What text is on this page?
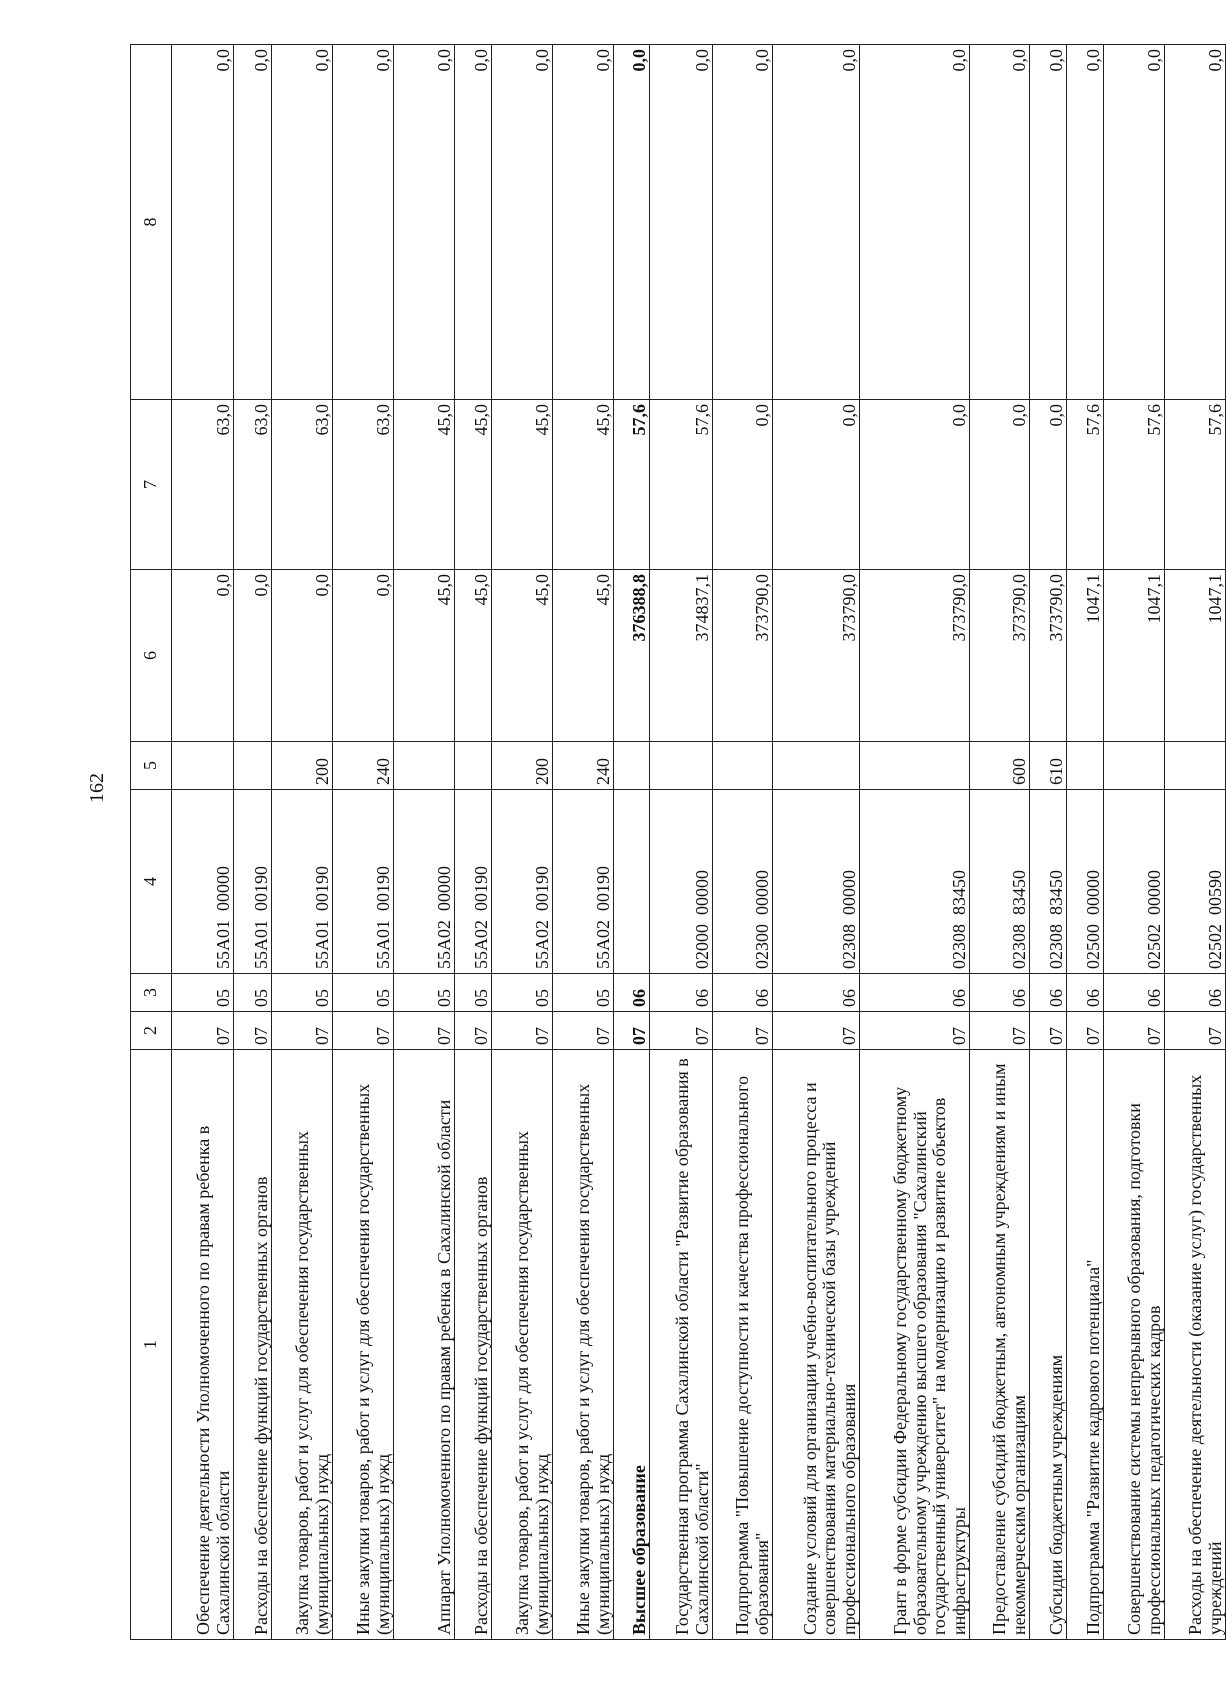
162
1	2	3	4	5	6	7	8
Обеспечение деятельности Уполномоченного по правам ребенка в Сахалинской области	07	05	55А01  00000		0,0	63,0	0,0
Расходы на обеспечение функций государственных органов	07	05	55А01  00190		0,0	63,0	0,0
Закупка товаров, работ и услуг для обеспечения государственных (муниципальных) нужд	07	05	55А01  00190	200	0,0	63,0	0,0
Иные закупки товаров, работ и услуг для обеспечения государственных (муниципальных) нужд	07	05	55А01  00190	240	0,0	63,0	0,0
Аппарат Уполномоченного по правам ребенка в Сахалинской области	07	05	55А02  00000		45,0	45,0	0,0
Расходы на обеспечение функций государственных органов	07	05	55А02  00190		45,0	45,0	0,0
Закупка товаров, работ и услуг для обеспечения государственных (муниципальных) нужд	07	05	55А02  00190	200	45,0	45,0	0,0
Иные закупки товаров, работ и услуг для обеспечения государственных (муниципальных) нужд	07	05	55А02  00190	240	45,0	45,0	0,0
Высшее образование	07	06			376388,8	57,6	0,0
Государственная программа Сахалинской области "Развитие образования в Сахалинской области"	07	06	02000  00000		374837,1	57,6	0,0
Подпрограмма "Повышение доступности и качества профессионального образования"	07	06	02300  00000		373790,0	0,0	0,0
Создание условий для организации учебно-воспитательного процесса и совершенствования материально-технической базы учреждений профессионального образования	07	06	02308  00000		373790,0	0,0	0,0
Грант в форме субсидии Федеральному государственному бюджетному образовательному учреждению высшего образования "Сахалинский государственный университет" на модернизацию и развитие объектов инфраструктуры	07	06	02308  83450		373790,0	0,0	0,0
Предоставление субсидий бюджетным, автономным учреждениям и иным некоммерческим организациям	07	06	02308  83450	600	373790,0	0,0	0,0
Субсидии бюджетным учреждениям	07	06	02308  83450	610	373790,0	0,0	0,0
Подпрограмма "Развитие кадрового потенциала"	07	06	02500  00000		1047,1	57,6	0,0
Совершенствование системы непрерывного образования, подготовки профессиональных педагогических кадров	07	06	02502  00000		1047,1	57,6	0,0
Расходы на обеспечение деятельности (оказание услуг) государственных учреждений	07	06	02502  00590		1047,1	57,6	0,0
